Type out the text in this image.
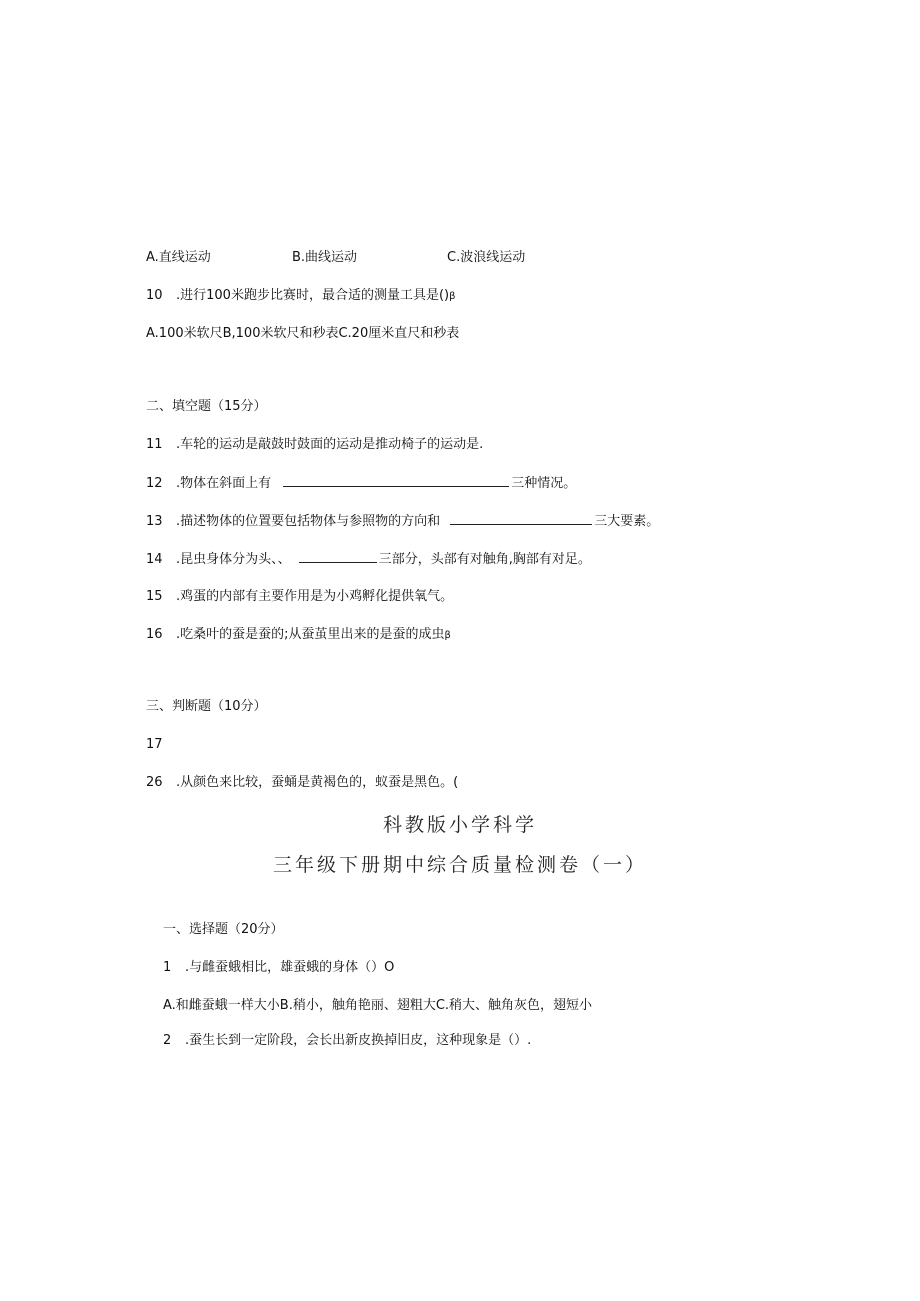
A.直线运动	B.曲线运动	C.波浪线运动
10 .进行100米跑步比赛时，最合适的测量工具是()β
A.100米软尺B,100米软尺和秒表C.20厘米直尺和秒表
二、填空题（15分）
11 .车轮的运动是敲鼓时鼓面的运动是推动椅子的运动是.
12 .物体在斜面上有	三种情况。
13 .描述物体的位置要包括物体与参照物的方向和	三大要素。
14 .昆虫身体分为头、、	三部分，头部有对触角,胸部有对足。
15 .鸡蛋的内部有主要作用是为小鸡孵化提供氧气。
16 .吃桑叶的蚕是蚕的;从蚕茧里出来的是蚕的成虫β
三、判断题（10分）
17
26 .从颜色来比较，蚕蛹是黄褐色的，蚁蚕是黑色。(
科教版小学科学
三年级下册期中综合质量检测卷（一）
一、选择题（20分）
1 .与雌蚕蛾相比，雄蚕蛾的身体（）O
A.和雌蚕蛾一样大小B.稍小，触角艳丽、翅粗大C.稍大、触角灰色，翅短小
2 .蚕生长到一定阶段，会长出新皮换掉旧皮，这种现象是（）.
